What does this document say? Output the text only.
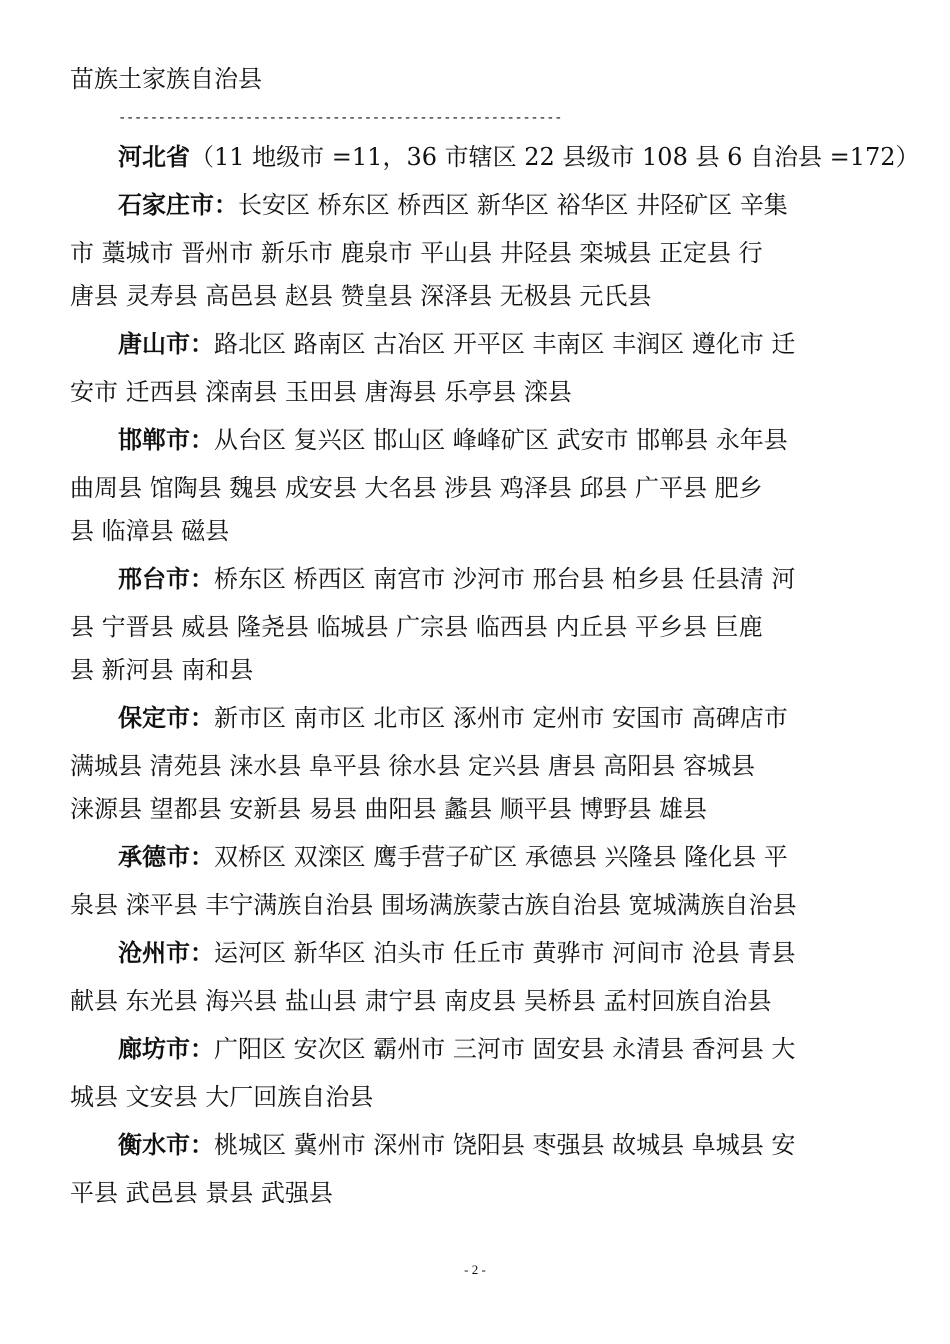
苗族土家族自治县
--------------------------------------------------------
河北省（11 地级市 =11，36 市辖区 22 县级市 108 县 6 自治县 =172）
石家庄市：长安区 桥东区 桥西区 新华区 裕华区 井陉矿区 辛集
市 藁城市 晋州市 新乐市 鹿泉市 平山县 井陉县 栾城县 正定县 行
唐县 灵寿县 高邑县 赵县 赞皇县 深泽县 无极县 元氏县
唐山市：路北区 路南区 古冶区 开平区 丰南区 丰润区 遵化市 迁
安市 迁西县 滦南县 玉田县 唐海县 乐亭县 滦县
邯郸市：从台区 复兴区 邯山区 峰峰矿区 武安市 邯郸县 永年县
曲周县 馆陶县 魏县 成安县 大名县 涉县 鸡泽县 邱县 广平县 肥乡
县 临漳县 磁县
邢台市：桥东区 桥西区 南宫市 沙河市 邢台县 柏乡县 任县清 河
县 宁晋县 威县 隆尧县 临城县 广宗县 临西县 内丘县 平乡县 巨鹿
县 新河县 南和县
保定市：新市区 南市区 北市区 涿州市 定州市 安国市 高碑店市
满城县 清苑县 涞水县 阜平县 徐水县 定兴县 唐县 高阳县 容城县
涞源县 望都县 安新县 易县 曲阳县 蠡县 顺平县 博野县 雄县
承德市：双桥区 双滦区 鹰手营子矿区 承德县 兴隆县 隆化县 平
泉县 滦平县 丰宁满族自治县 围场满族蒙古族自治县 宽城满族自治县
沧州市：运河区 新华区 泊头市 任丘市 黄骅市 河间市 沧县 青县
献县 东光县 海兴县 盐山县 肃宁县 南皮县 吴桥县 孟村回族自治县
廊坊市：广阳区 安次区 霸州市 三河市 固安县 永清县 香河县 大
城县 文安县 大厂回族自治县
衡水市：桃城区 冀州市 深州市 饶阳县 枣强县 故城县 阜城县 安
平县 武邑县 景县 武强县
- 2 -
